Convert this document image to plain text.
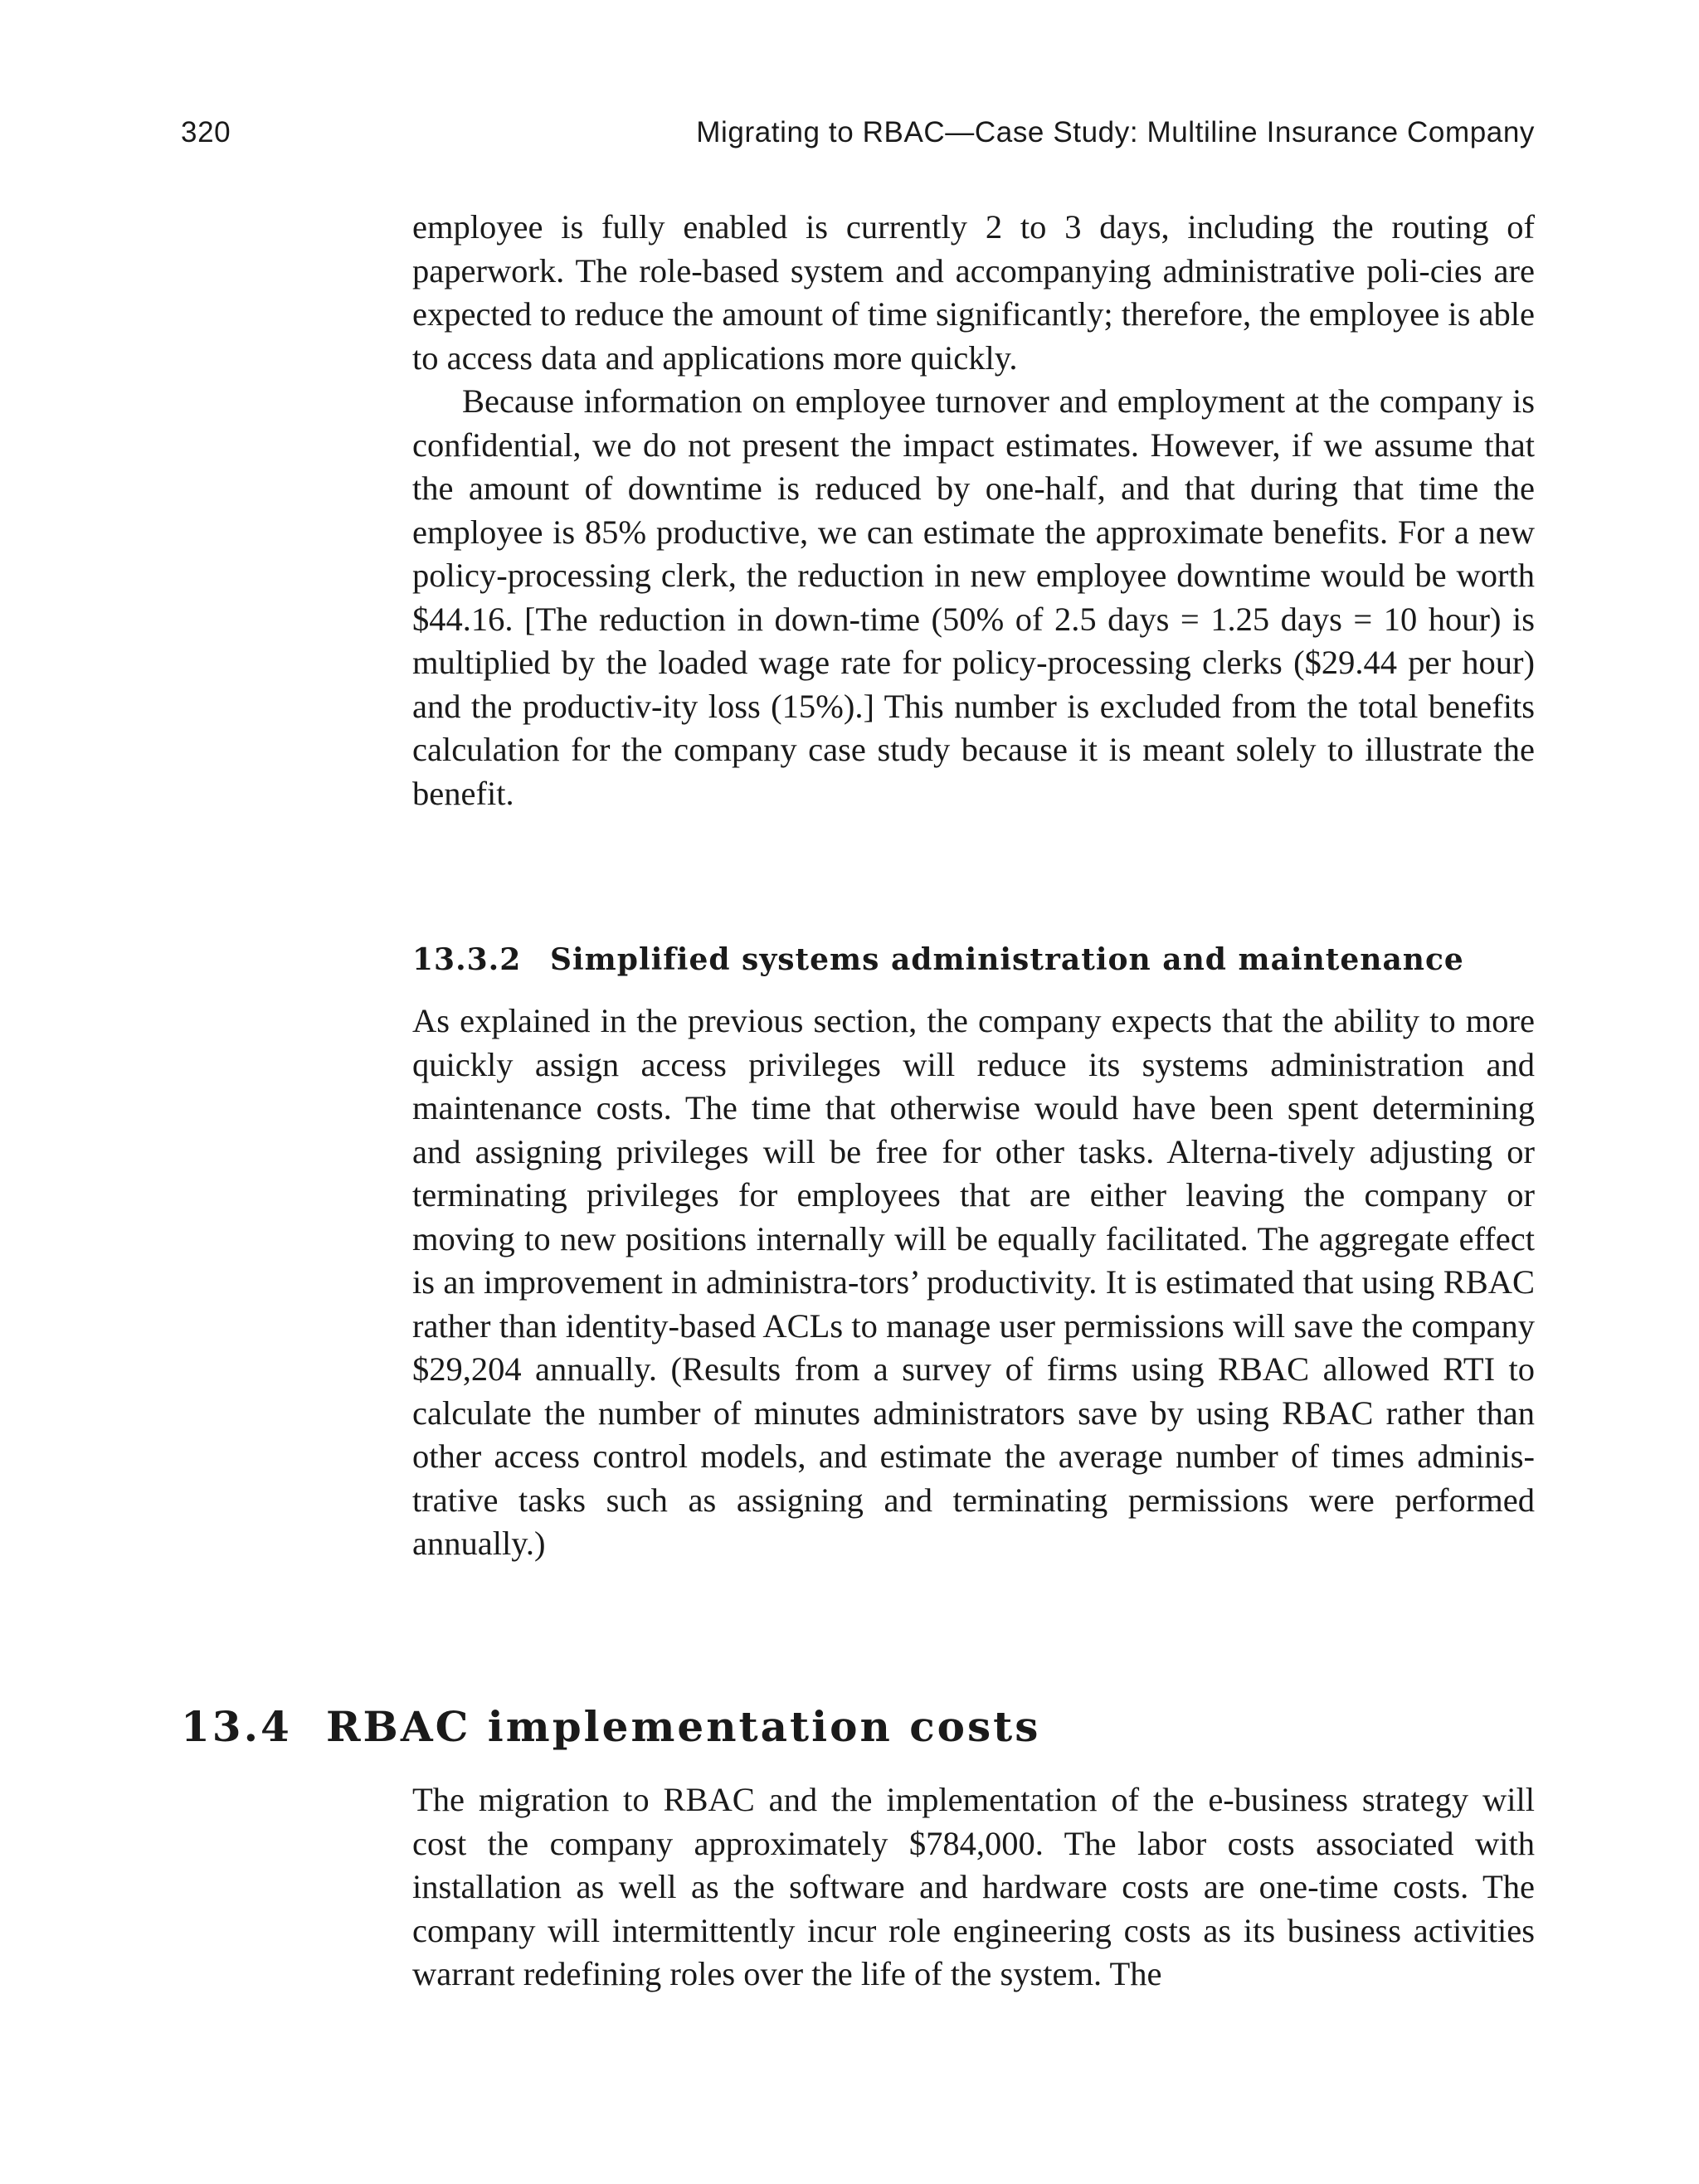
320	Migrating to RBAC—Case Study: Multiline Insurance Company

employee is fully enabled is currently 2 to 3 days, including the routing of paperwork. The role-based system and accompanying administrative poli-cies are expected to reduce the amount of time significantly; therefore, the employee is able to access data and applications more quickly.

Because information on employee turnover and employment at the company is confidential, we do not present the impact estimates. However, if we assume that the amount of downtime is reduced by one-half, and that during that time the employee is 85% productive, we can estimate the approximate benefits. For a new policy-processing clerk, the reduction in new employee downtime would be worth $44.16. [The reduction in down-time (50% of 2.5 days = 1.25 days = 10 hour) is multiplied by the loaded wage rate for policy-processing clerks ($29.44 per hour) and the productiv-ity loss (15%).] This number is excluded from the total benefits calculation for the company case study because it is meant solely to illustrate the benefit.

13.3.2 Simplified systems administration and maintenance

As explained in the previous section, the company expects that the ability to more quickly assign access privileges will reduce its systems administration and maintenance costs. The time that otherwise would have been spent determining and assigning privileges will be free for other tasks. Alterna-tively adjusting or terminating privileges for employees that are either leaving the company or moving to new positions internally will be equally facilitated. The aggregate effect is an improvement in administra-tors’ productivity. It is estimated that using RBAC rather than identity-based ACLs to manage user permissions will save the company $29,204 annually. (Results from a survey of firms using RBAC allowed RTI to calculate the number of minutes administrators save by using RBAC rather than other access control models, and estimate the average number of times adminis-trative tasks such as assigning and terminating permissions were performed annually.)

13.4 RBAC implementation costs

The migration to RBAC and the implementation of the e-business strategy will cost the company approximately $784,000. The labor costs associated with installation as well as the software and hardware costs are one-time costs. The company will intermittently incur role engineering costs as its business activities warrant redefining roles over the life of the system. The
